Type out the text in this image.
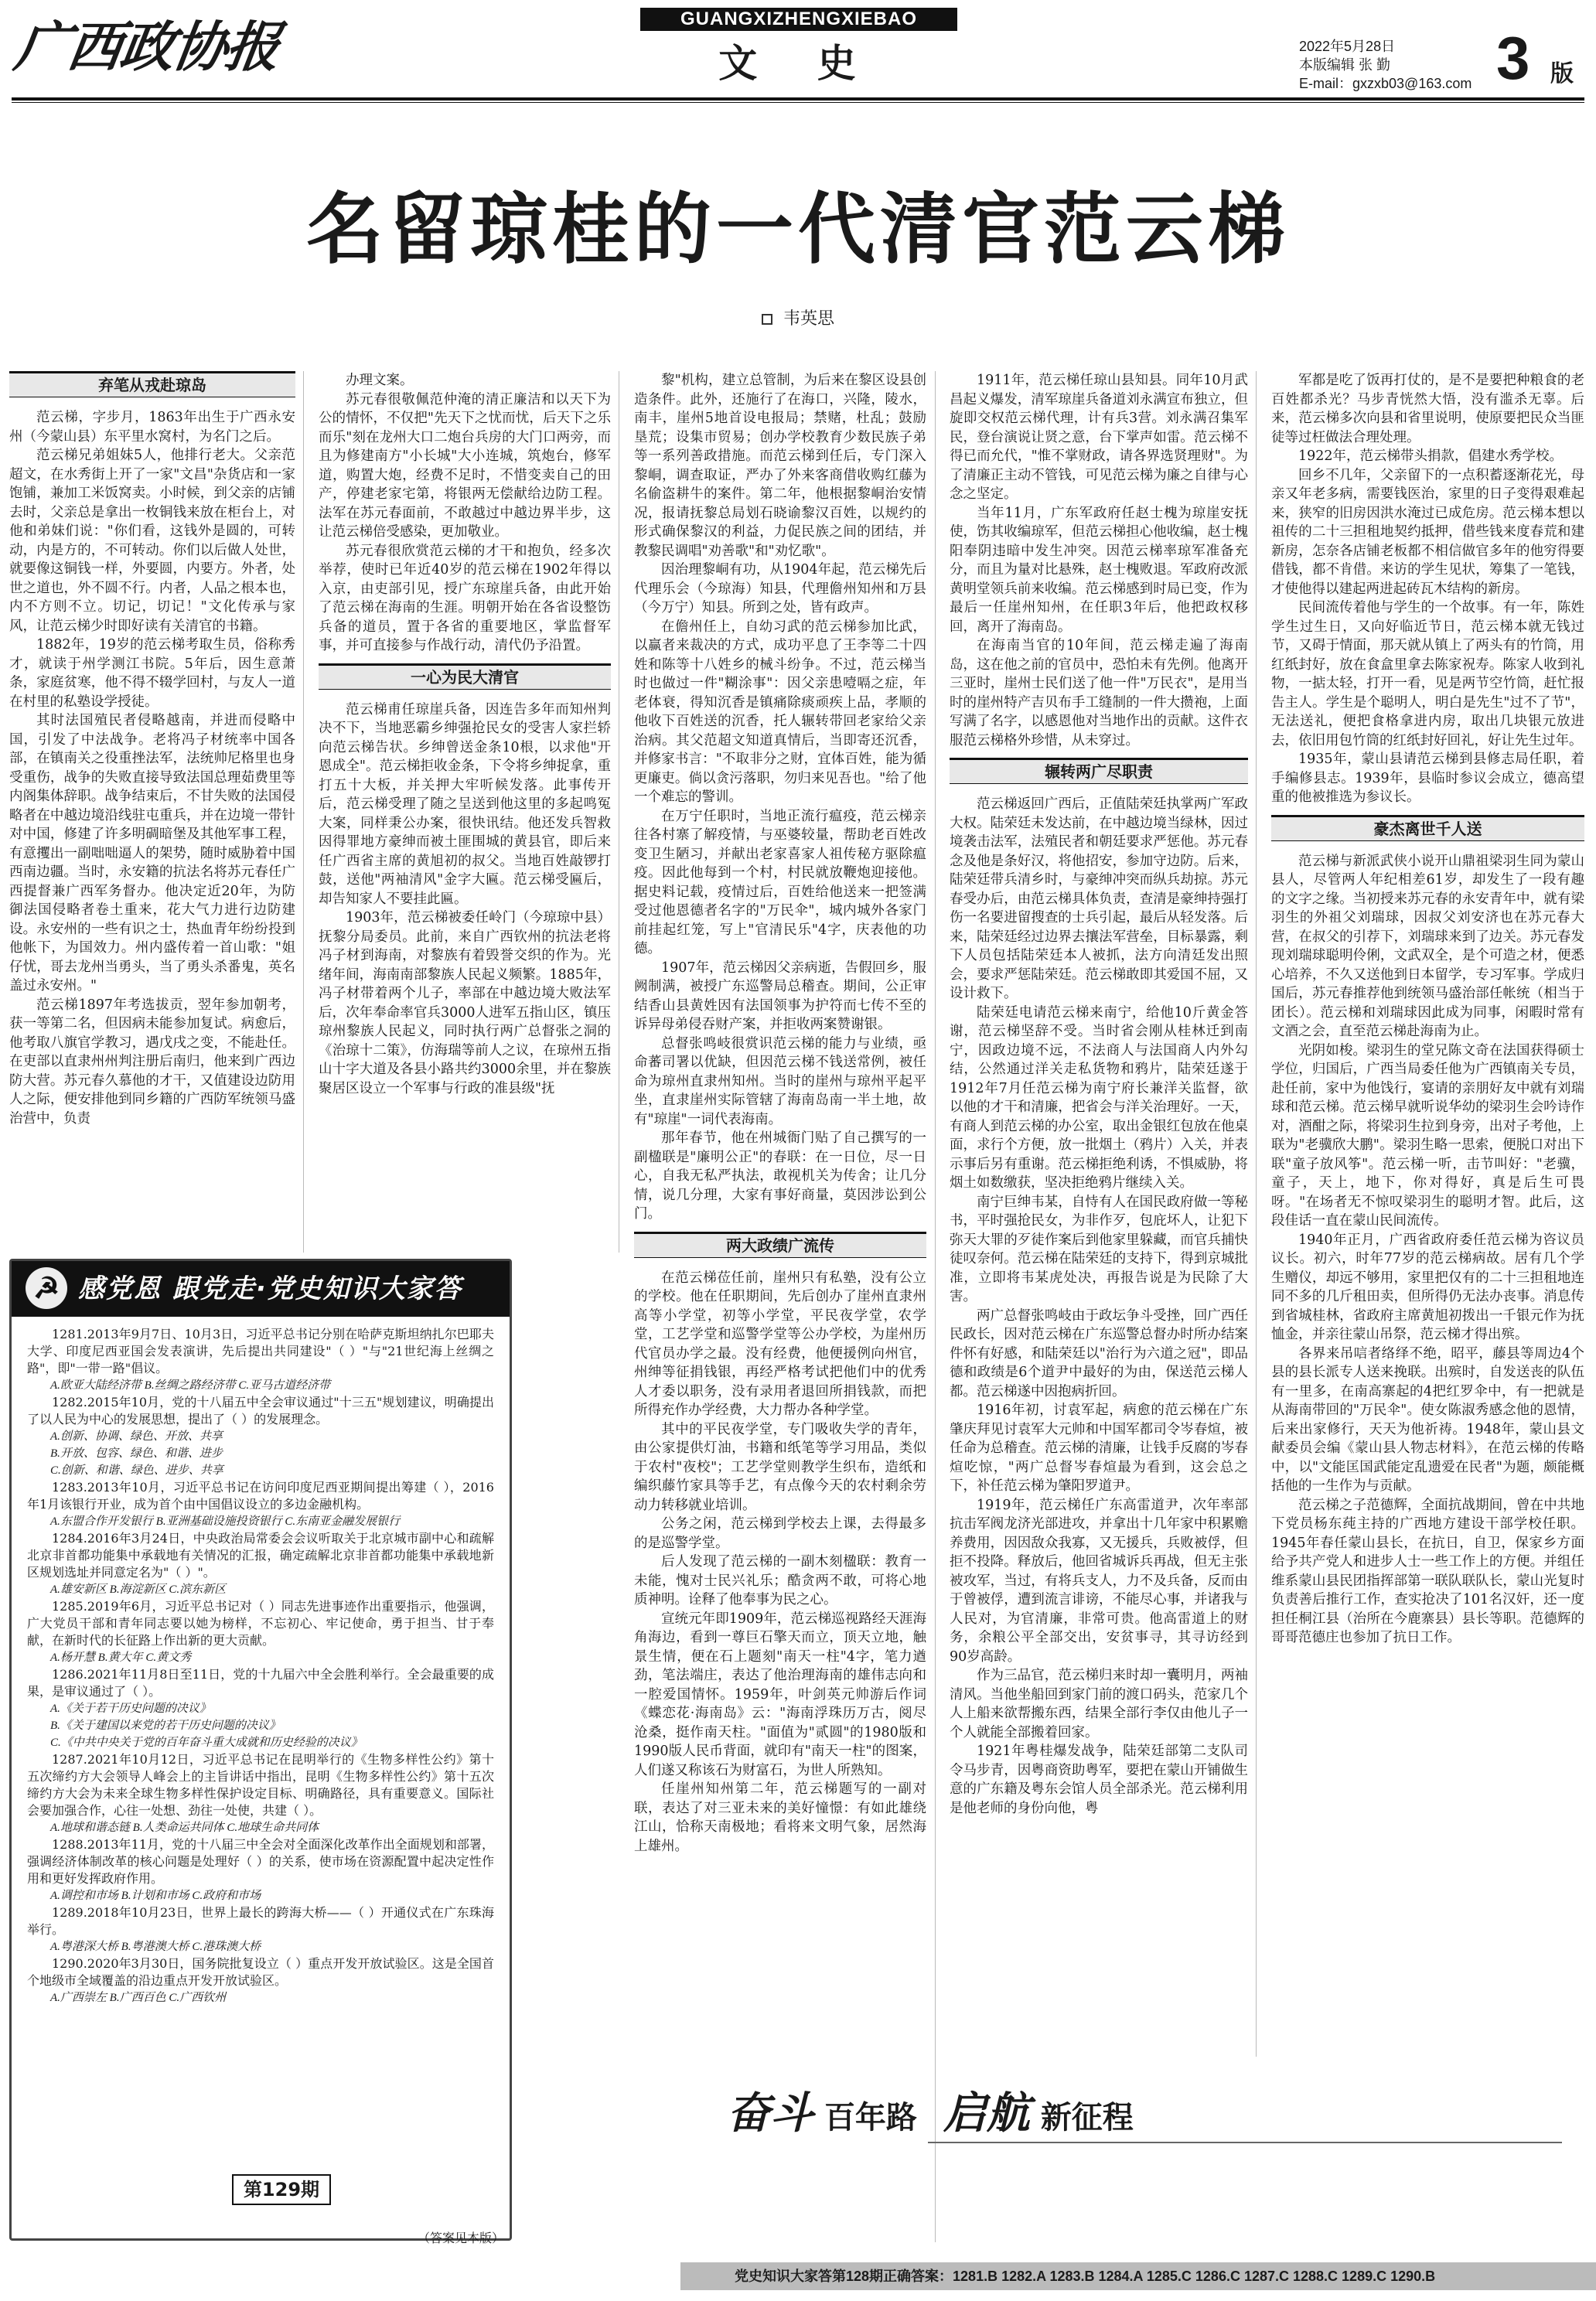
广西政协报	GUANGXIZHENGXIEBAO
文 史	2022年5月28日
本版编辑 张 勤
E-mail：gxzxb03@163.com 3 版
名留琼桂的一代清官范云梯
韦英思
弃笔从戎赴琼岛

范云梯，字步月，1863年出生于广西永安州（今蒙山县）东平里水窝村，为名门之后。

范云梯兄弟姐妹5人，他排行老大。父亲范超文，在水秀街上开了一家"文昌"杂货店和一家饱铺，兼加工米饭窝卖。小时候，到父亲的店铺去时，父亲总是拿出一枚铜钱来放在柜台上，对他和弟妹们说："你们看，这钱外是圆的，可转动，内是方的，不可转动。你们以后做人处世，就要像这铜钱一样，外要圆，内要方。外者，处世之道也，外不圆不行。内者，人品之根本也，内不方则不立。切记，切记！"文化传承与家风，让范云梯少时即好读有关清官的书籍。

1882年，19岁的范云梯考取生员，俗称秀才，就读于州学测江书院。5年后，因生意萧条，家庭贫寒，他不得不辍学回村，与友人一道在村里的私塾设学授徒。

其时法国殖民者侵略越南，并进而侵略中国，引发了中法战争。老将冯子材统率中国各部，在镇南关之役重挫法军，法统帅尼格里也身受重伤，战争的失败直接导致法国总理茹费里等内阁集体辞职。战争结束后，不甘失败的法国侵略者在中越边境沿线驻屯重兵，并在边境一带针对中国，修建了许多明碉暗堡及其他军事工程，有意攫出一副咄咄逼人的架势，随时威胁着中国西南边疆。当时，永安籍的抗法名将苏元春任广西提督兼广西军务督办。他决定近20年，为防御法国侵略者卷土重来，花大气力进行边防建设。永安州的一些有识之士，热血青年纷纷投到他帐下，为国效力。州内盛传着一首山歌："姐仔忧，哥去龙州当勇头，当了勇头杀番鬼，英名盖过永安州。"

范云梯1897年考选拔贡，翌年参加朝考，获一等第二名，但因病未能参加复试。病愈后，他考取八旗官学教习，遇戊戌之变，不能赴任。在吏部以直隶州州判注册后南归，他来到广西边防大营。苏元春久慕他的才干，又值建设边防用人之际，便安排他到同乡籍的广西防军统领马盛治营中，负责

办理文案。

苏元春很敬佩范仲淹的清正廉洁和以天下为公的情怀，不仅把"先天下之忧而忧，后天下之乐而乐"刻在龙州大口二炮台兵房的大门口两旁，而且为修建南方"小长城"大小连城，筑炮台，修军道，购置大炮，经费不足时，不惜变卖自己的田产，停建老家宅第，将银两无偿献给边防工程。法军在苏元春面前，不敢越过中越边界半步，这让范云梯倍受感染，更加敬业。

苏元春很欣赏范云梯的才干和抱负，经多次举荐，使时已年近40岁的范云梯在1902年得以入京，由吏部引见，授广东琼崖兵备，由此开始了范云梯在海南的生涯。明朝开始在各省设整饬兵备的道员，置于各省的重要地区，掌监督军事，并可直接参与作战行动，清代仍予沿置。

一心为民大清官

范云梯甫任琼崖兵备，因连告多年而知州判决不下，当地恶霸乡绅强抢民女的受害人家拦轿向范云梯告状。乡绅曾送金条10根，以求他"开恩成全"。范云梯拒收金条，下令将乡绅捉拿，重打五十大板，并关押大牢听候发落。此事传开后，范云梯受理了随之呈送到他这里的多起鸣冤大案，同样秉公办案，很快讯结。他还发兵智救因得罪地方豪绅而被土匪围城的黄县官，即后来任广西省主席的黄旭初的叔父。当地百姓敲锣打鼓，送他"两袖清风"金字大匾。范云梯受匾后，却告知家人不要挂此匾。

1903年，范云梯被委任岭门（今琼琼中县）抚黎分局委员。此前，来自广西钦州的抗法老将冯子材到海南，对黎族有着毁誉交织的作为。光绪年间，海南南部黎族人民起义频繁。1885年，冯子材带着两个儿子，率部在中越边境大败法军后，次年奉命率官兵3000人进军五指山区，镇压琼州黎族人民起义，同时执行两广总督张之洞的《治琼十二策》，仿海瑞等前人之议，在琼州五指山十字大道及各县小路共约3000余里，并在黎族聚居区设立一个军事与行政的准县级"抚

黎"机构，建立总管制，为后来在黎区设县创造条件。此外，还施行了在海口，兴隆，陵水，南丰，崖州5地首设电报局；禁赌，杜乱；鼓励垦荒；设集市贸易；创办学校教育少数民族子弟等一系列善政措施。而范云梯到任后，专门深入黎峒，调查取证，严办了外来客商借收购红藤为名偷盗耕牛的案件。第二年，他根据黎峒治安情况，报请抚黎总局划石晓谕黎汉百姓，以规约的形式确保黎汉的利益，力促民族之间的团结，并教黎民调唱"劝善歌"和"劝忆歌"。

因治理黎峒有功，从1904年起，范云梯先后代理乐会（今琼海）知县，代理儋州知州和万县（今万宁）知县。所到之处，皆有政声。

在儋州任上，自幼习武的范云梯参加比武，以赢者来裁决的方式，成功平息了王李等二十四姓和陈等十八姓乡的械斗纷争。不过，范云梯当时也做过一件"糊涂事"：因父亲患噎嗝之症，年老体衰，得知沉香是镇痛除痰顽疾上品，孝顺的他收下百姓送的沉香，托人辗转带回老家给父亲治病。其父范超文知道真情后，当即寄还沉香，并修家书言："不取非分之财，宜体百姓，能为循更廉吏。倘以贪污落职，勿归来见吾也。"给了他一个难忘的警训。

在万宁任职时，当地正流行瘟疫，范云梯亲往各村寨了解疫情，与巫婆较量，帮助老百姓改变卫生陋习，并献出老家喜家人祖传秘方驱除瘟疫。因此他每到一个村，村民就放鞭炮迎接他。据史料记载，疫情过后，百姓给他送来一把签满受过他恩德者名字的"万民伞"，城内城外各家门前挂起红笼，写上"官清民乐"4字，庆表他的功德。

1907年，范云梯因父亲病逝，告假回乡，服阙制满，被授广东巡警局总稽查。期间，公正审结香山县黄姓因有法国领事为护符而七传不至的诉异母弟侵吞财产案，并拒收两案赞谢银。

总督张鸣岐很赏识范云梯的能力与业绩，亟命蕃司署以优缺，但因范云梯不钱送常例，被任命为琼州直隶州知州。当时的崖州与琼州平起平坐，直隶崖州实际管辖了海南岛南一半土地，故有"琼崖"一词代表海南。

那年春节，他在州城衙门贴了自己撰写的一副楹联是"廉明公正"的春联：在一日位，尽一日心，自我无私严执法，敢视机关为传舍；让几分情，说几分理，大家有事好商量，莫因涉讼到公门。

两大政绩广流传

在范云梯莅任前，崖州只有私塾，没有公立的学校。他在任职期间，先后创办了崖州直隶州高等小学堂，初等小学堂，平民夜学堂，农学堂，工艺学堂和巡警学堂等公办学校，为崖州历代官员办学之最。没有经费，他便援例向州官，州绅等征捐钱银，再经严格考试把他们中的优秀人才委以职务，没有录用者退回所捐钱款，而把所得充作办学经费，大力帮办各种学堂。

其中的平民夜学堂，专门吸收失学的青年，由公家提供灯油，书籍和纸笔等学习用品，类似于农村"夜校"；工艺学堂则教学生织布，造纸和编织藤竹家具等手艺，有点像今天的农村剩余劳动力转移就业培训。

公务之闲，范云梯到学校去上课，去得最多的是巡警学堂。

后人发现了范云梯的一副木刻楹联：教育一未能，愧对士民兴礼乐；酷贪两不敢，可将心地质神明。诠释了他奉事为民之心。

宣统元年即1909年，范云梯巡视路经天涯海角海边，看到一尊巨石擎天而立，顶天立地，触景生情，便在石上题刻"南天一柱"4字，笔力遒劲，笔法端庄，表达了他治理海南的雄伟志向和一腔爱国情怀。1959年，叶剑英元帅游后作词《蝶恋花·海南岛》云："海南浮珠历万古，阅尽沧桑，挺作南天柱。"面值为"贰圆"的1980版和1990版人民币背面，就印有"南天一柱"的图案，人们遂又称该石为财富石，为世人所熟知。

任崖州知州第二年，范云梯题写的一副对联，表达了对三亚未来的美好憧憬：有如此雄绕江山，恰称天南极地；看将来文明气象，居然海上雄州。

1911年，范云梯任琼山县知县。同年10月武昌起义爆发，清军琼崖兵备道刘永满宣布独立，但旋即交权范云梯代理，计有兵3营。刘永满召集军民，登台演说让贤之意，台下掌声如雷。范云梯不得已而允代，"惟不掌财政，请各界选贤理财"。为了清廉正主动不管钱，可见范云梯为廉之自律与心念之坚定。

当年11月，广东军政府任赵士槐为琼崖安抚使，饬其收编琼军，但范云梯担心他收编，赵士槐阳奉阴违暗中发生冲突。因范云梯率琼军准备充分，而且为量对比悬殊，赵士槐败退。军政府改派黄明堂领兵前来收编。范云梯感到时局已变，作为最后一任崖州知州，在任职3年后，他把政权移回，离开了海南岛。

在海南当官的10年间，范云梯走遍了海南岛，这在他之前的官员中，恐怕未有先例。他离开三亚时，崖州士民们送了他一件"万民衣"，是用当时的崖州特产吉贝布手工缝制的一件大攒袍，上面写满了名字，以感恩他对当地作出的贡献。这件衣服范云梯格外珍惜，从未穿过。

辗转两广尽职责

范云梯返回广西后，正值陆荣廷执掌两广军政大权。陆荣廷未发达前，在中越边境当绿林，因过境袭击法军，法殖民者和朝廷要求严惩他。苏元春念及他是条好汉，将他招安，参加守边防。后来，陆荣廷带兵清乡时，与豪绅冲突而纵兵劫掠。苏元春受办后，由范云梯具体负责，查清是豪绅持强打伤一名要进留搜查的士兵引起，最后从轻发落。后来，陆荣廷经过边界去攘法军营垒，目标暴露，剩下人员包括陆荣廷本人被抓，法方向清廷发出照会，要求严惩陆荣廷。范云梯敢即其爱国不屈，又设计救下。

陆荣廷电请范云梯来南宁，给他10斤黄金答谢，范云梯坚辞不受。当时省会刚从桂林迁到南宁，因政边境不远，不法商人与法国商人内外勾结，公然通过洋关走私货物和鸦片，陆荣廷遂于1912年7月任范云梯为南宁府长兼洋关监督，欲以他的才干和清廉，把省会与洋关治理好。一天，有商人到范云梯的办公室，取出金银红包放在他桌面，求行个方便，放一批烟土（鸦片）入关，并表示事后另有重谢。范云梯拒绝利诱，不惧威胁，将烟土如数缴获，坚决拒绝鸦片继续入关。

南宁巨绅韦某，自恃有人在国民政府做一等秘书，平时强抢民女，为非作歹，包庇坏人，让犯下弥天大罪的歹徒作案后到他家里躲藏，而官兵捕快徒叹奈何。范云梯在陆荣廷的支持下，得到京城批准，立即将韦某虎处决，再报告说是为民除了大害。

两广总督张鸣岐由于政坛争斗受挫，回广西任民政长，因对范云梯在广东巡警总督办时所办结案件怀有好感，和陆荣廷以"治行为六道之冠"，即品德和政绩是6个道尹中最好的为由，保送范云梯人都。范云梯遂中因抱病折回。

1916年初，讨袁军起，病愈的范云梯在广东肇庆拜见讨袁军大元帅和中国军都司令岑春煊，被任命为总稽查。范云梯的清廉，让钱手反腐的岑春煊吃惊，"两广总督岑春煊最为看到，这会总之下，补任范云梯为肇阳罗道尹。

1919年，范云梯任广东高雷道尹，次年率部抗击军阀龙济光部进攻，并拿出十几年家中积累赡养费用，因因敌众我寡，又无援兵，兵败被俘，但拒不投降。释放后，他回省城诉兵再战，但无主张被攻军，当过，有将兵支人，力不及兵备，反而由于曾被俘，遭到流言诽谤，不能尽心事，并诸我与人民对，为官清廉，非常可贵。他高雷道上的财务，余粮公平全部交出，安贫事寻，其寻访经到90岁高龄。

作为三品官，范云梯归来时却一囊明月，两袖清风。当他坐船回到家门前的渡口码头，范家几个人上船来欲帮搬东西，结果全部行李仅由他儿子一个人就能全部搬着回家。

1921年粤桂爆发战争，陆荣廷部第二支队司令马步青，因粤商资助粤军，要把在蒙山开铺做生意的广东籍及粤东会馆人员全部杀光。范云梯利用是他老师的身份向他，粤

军都是吃了饭再打仗的，是不是要把种粮食的老百姓都杀光？马步青恍然大悟，没有滥杀无辜。后来，范云梯多次向县和省里说明，使原要把民众当匪徒等过枉做法合理处理。

1922年，范云梯带头捐款，倡建水秀学校。

回乡不几年，父亲留下的一点积蓄逐渐花光，母亲又年老多病，需要钱医治，家里的日子变得艰难起来，狭窄的旧房因洪水淹过已成危房。范云梯本想以祖传的二十三担租地契约抵押，借些钱来度春荒和建新房，怎奈各店铺老板都不相信做官多年的他穷得要借钱，都不肯借。来访的学生见状，筹集了一笔钱，才使他得以建起两进起砖瓦木结构的新房。

民间流传着他与学生的一个故事。有一年，陈姓学生过生日，又向好临近节日，范云梯本就无钱过节，又碍于情面，那天就从镇上了两头有的竹筒，用红纸封好，放在食盒里拿去陈家祝寿。陈家人收到礼物，一掂太轻，打开一看，见是两节空竹筒，赶忙报告主人。学生是个聪明人，明白是先生"过不了节"，无法送礼，便把食格拿进内房，取出几块银元放进去，依旧用包竹筒的红纸封好回礼，好让先生过年。

1935年，蒙山县请范云梯到县修志局任职，着手编修县志。1939年，县临时参议会成立，德高望重的他被推选为参议长。

豪杰离世千人送

范云梯与新派武侠小说开山鼎祖梁羽生同为蒙山县人，尽管两人年纪相差61岁，却发生了一段有趣的文字之缘。当初授来苏元春的永安青年中，就有梁羽生的外祖父刘瑞球，因叔父刘安济也在苏元春大营，在叔父的引荐下，刘瑞球来到了边关。苏元春发现刘瑞球聪明伶俐，文武双全，是个可造之材，便悉心培养，不久又送他到日本留学，专习军事。学成归国后，苏元春推荐他到统领马盛治部任帐统（相当于团长）。范云梯和刘瑞球因此成为同事，闲暇时常有文酒之会，直至范云梯赴海南为止。

光阴如梭。梁羽生的堂兄陈文奇在法国获得硕士学位，归国后，广西当局委任他为广西镇南关专员，赴任前，家中为他饯行，宴请的亲朋好友中就有刘瑞球和范云梯。范云梯早就听说华幼的梁羽生会吟诗作对，酒酣之际，将梁羽生拉到身旁，出对子考他，上联为"老骥欣大鹏"。梁羽生略一思索，便脱口对出下联"童子放风筝"。范云梯一听，击节叫好："老骥，童子，天上，地下，你对得好，真是后生可畏呀。"在场者无不惊叹梁羽生的聪明才智。此后，这段佳话一直在蒙山民间流传。

1940年正月，广西省政府委任范云梯为咨议员议长。初六，时年77岁的范云梯病故。居有几个学生赠仪，却远不够用，家里把仅有的二十三担租地连同不多的几斤租田卖，但所得仍无法办丧事。消息传到省城桂林，省政府主席黄旭初拨出一千银元作为抚恤金，并亲往蒙山吊祭，范云梯才得出殡。

各界来吊唁者络绎不绝，昭平，藤县等周边4个县的县长派专人送来挽联。出殡时，自发送丧的队伍有一里多，在南高寨起的4把红罗伞中，有一把就是从海南带回的"万民伞"。使女陈淑秀感念他的恩情，后来出家修行，天天为他祈祷。1948年，蒙山县文献委员会编《蒙山县人物志材料》，在范云梯的传略中，以"文能匡国武能定乱遗爱在民者"为题，颇能概括他的一生作为与贡献。

范云梯之子范德辉，全面抗战期间，曾在中共地下党员杨东莼主持的广西地方建设干部学校任职。1945年春任蒙山县长，在抗日，自卫，保家乡方面给予共产党人和进步人士一些工作上的方便。并组任维系蒙山县民团指挥部第一联队联队长，蒙山光复时负责善后推行工作，查实抢决了101名汉奸，还一度担任桐江县（治所在今鹿寨县）县长等职。范德辉的哥哥范德庄也参加了抗日工作。

1281.2013年9月7日、10月3日，习近平总书记分别在哈萨克斯坦纳扎尔巴耶夫大学、印度尼西亚国会发表演讲，先后提出共同建设"（ ）"与"21世纪海上丝绸之路"，即"一带一路"倡议。

A.欧亚大陆经济带 B.丝绸之路经济带 C.亚马古道经济带

1282.2015年10月，党的十八届五中全会审议通过"十三五"规划建议，明确提出了以人民为中心的发展思想，提出了（ ）的发展理念。

A.创新、协调、绿色、开放、共享

B.开放、包容、绿色、和谐、进步

C.创新、和谐、绿色、进步、共享

1283.2013年10月，习近平总书记在访问印度尼西亚期间提出筹建（ ），2016年1月该银行开业，成为首个由中国倡议设立的多边金融机构。

A.东盟合作开发银行 B.亚洲基础设施投资银行 C.东南亚金融发展银行

1284.2016年3月24日，中央政治局常委会会议听取关于北京城市副中心和疏解北京非首都功能集中承载地有关情况的汇报，确定疏解北京非首都功能集中承载地新区规划选址并同意定名为"（ ）"。

A.雄安新区 B.海淀新区 C.滨东新区

1285.2019年6月，习近平总书记对（ ）同志先进事迹作出重要指示，他强调，广大党员干部和青年同志要以她为榜样，不忘初心、牢记使命，勇于担当、甘于奉献，在新时代的长征路上作出新的更大贡献。

A.杨开慧 B.黄大年 C.黄文秀

1286.2021年11月8日至11日，党的十九届六中全会胜利举行。全会最重要的成果，是审议通过了（ ）。

A.《关于若干历史问题的决议》

B.《关于建国以来党的若干历史问题的决议》

C.《中共中央关于党的百年奋斗重大成就和历史经验的决议》

1287.2021年10月12日，习近平总书记在昆明举行的《生物多样性公约》第十五次缔约方大会领导人峰会上的主旨讲话中指出，昆明《生物多样性公约》第十五次缔约方大会为未来全球生物多样性保护设定目标、明确路径，具有重要意义。国际社会要加强合作，心往一处想、劲往一处使，共建（ ）。

A.地球和谐态链 B.人类命运共同体 C.地球生命共同体

1288.2013年11月，党的十八届三中全会对全面深化改革作出全面规划和部署，强调经济体制改革的核心问题是处理好（ ）的关系，使市场在资源配置中起决定性作用和更好发挥政府作用。

A.调控和市场 B.计划和市场 C.政府和市场

1289.2018年10月23日，世界上最长的跨海大桥——（ ）开通仪式在广东珠海举行。

A.粤港深大桥 B.粤港澳大桥 C.港珠澳大桥

1290.2020年3月30日，国务院批复设立（ ）重点开发开放试验区。这是全国首个地级市全域覆盖的沿边重点开发开放试验区。

A.广西崇左 B.广西百色 C.广西钦州

☭ 感党恩 跟党走·党史知识大家答
第129期
（答案见本版）
奋斗 百年路 启航 新征程
党史知识大家答第128期正确答案：1281.B 1282.A 1283.B 1284.A 1285.C 1286.C 1287.C 1288.C 1289.C 1290.B
